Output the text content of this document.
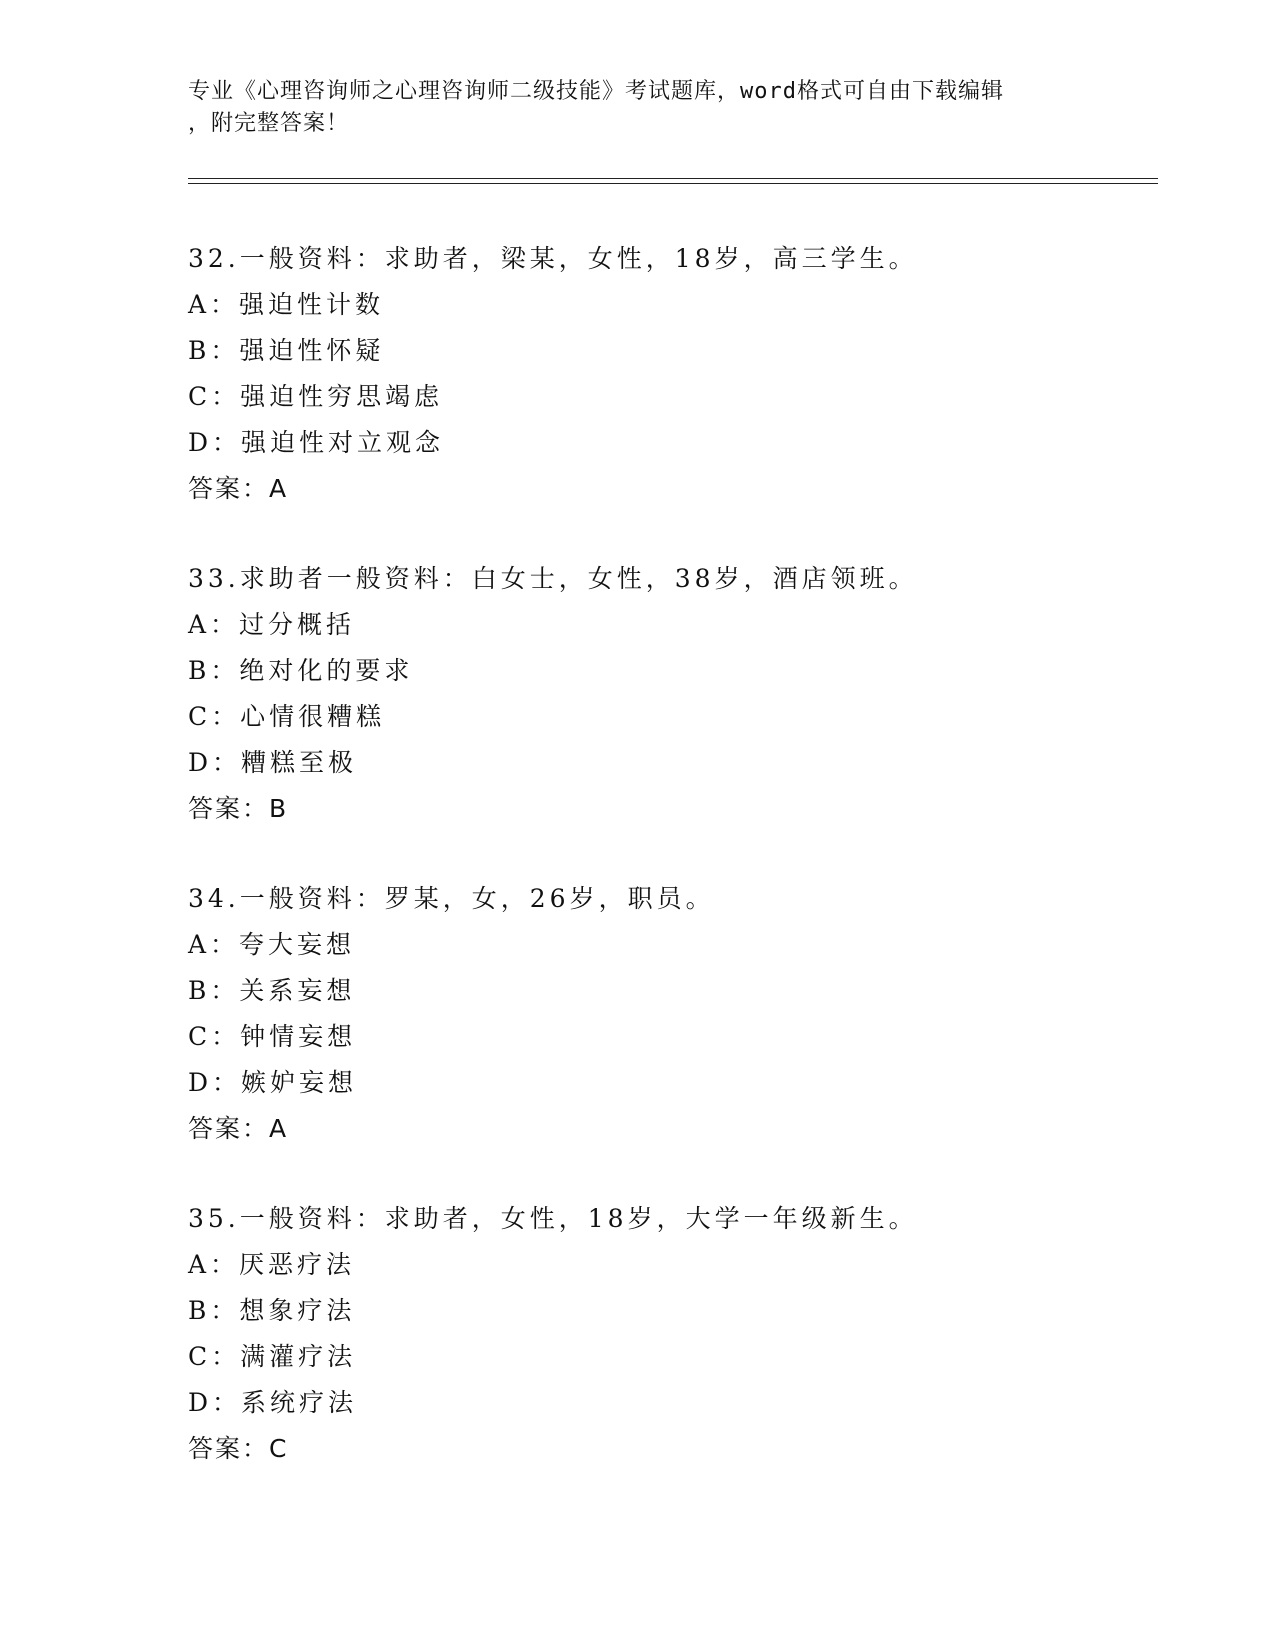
专业《心理咨询师之心理咨询师二级技能》考试题库，word格式可自由下载编辑
，附完整答案！
32.一般资料：求助者，梁某，女性，18岁，高三学生。
A：强迫性计数
B：强迫性怀疑
C：强迫性穷思竭虑
D：强迫性对立观念
答案：A
33.求助者一般资料：白女士，女性，38岁，酒店领班。
A：过分概括
B：绝对化的要求
C：心情很糟糕
D：糟糕至极
答案：B
34.一般资料：罗某，女，26岁，职员。
A：夸大妄想
B：关系妄想
C：钟情妄想
D：嫉妒妄想
答案：A
35.一般资料：求助者，女性，18岁，大学一年级新生。
A：厌恶疗法
B：想象疗法
C：满灌疗法
D：系统疗法
答案：C
